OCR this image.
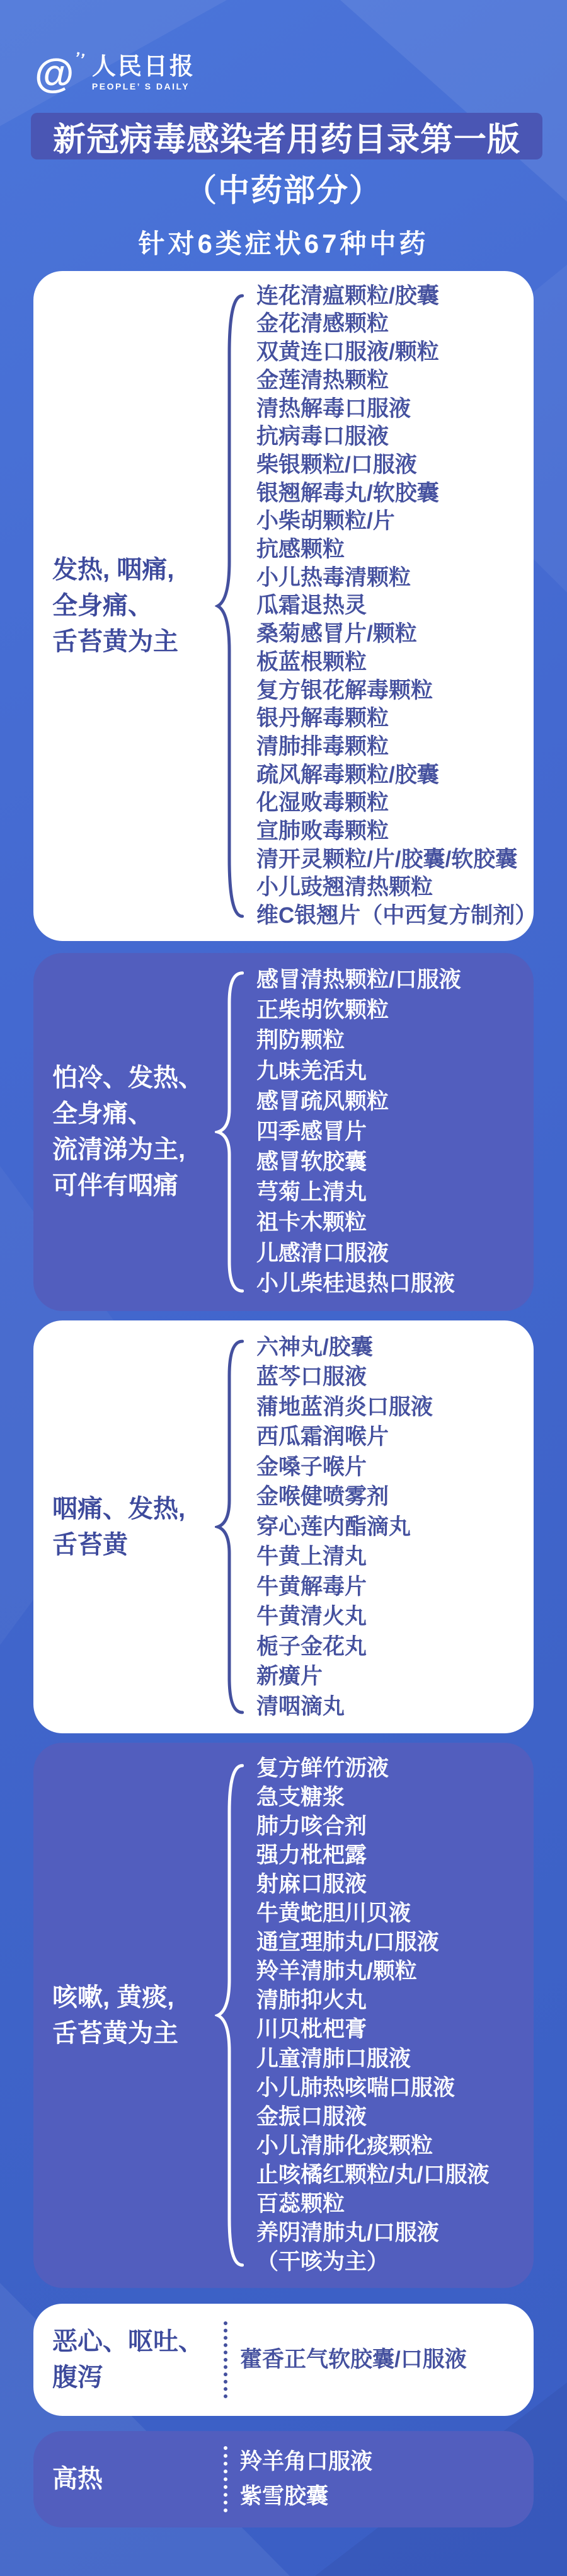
@
’’ 人民日报
PEOPLE’ S DAILY
新冠病毒感染者用药目录第一版
（中药部分）
针对6类症状67种中药
发热, 咽痛,
全身痛、
舌苔黄为主
连花清瘟颗粒/胶囊
金花清感颗粒
双黄连口服液/颗粒
金莲清热颗粒
清热解毒口服液
抗病毒口服液
柴银颗粒/口服液
银翘解毒丸/软胶囊
小柴胡颗粒/片
抗感颗粒
小儿热毒清颗粒
瓜霜退热灵
桑菊感冒片/颗粒
板蓝根颗粒
复方银花解毒颗粒
银丹解毒颗粒
清肺排毒颗粒
疏风解毒颗粒/胶囊
化湿败毒颗粒
宣肺败毒颗粒
清开灵颗粒/片/胶囊/软胶囊
小儿豉翘清热颗粒
维C银翘片（中西复方制剂）
怕冷、发热、
全身痛、
流清涕为主,
可伴有咽痛
感冒清热颗粒/口服液
正柴胡饮颗粒
荆防颗粒
九味羌活丸
感冒疏风颗粒
四季感冒片
感冒软胶囊
芎菊上清丸
祖卡木颗粒
儿感清口服液
小儿柴桂退热口服液
咽痛、发热,
舌苔黄
六神丸/胶囊
蓝芩口服液
蒲地蓝消炎口服液
西瓜霜润喉片
金嗓子喉片
金喉健喷雾剂
穿心莲内酯滴丸
牛黄上清丸
牛黄解毒片
牛黄清火丸
栀子金花丸
新癀片
清咽滴丸
咳嗽, 黄痰,
舌苔黄为主
复方鲜竹沥液
急支糖浆
肺力咳合剂
强力枇杷露
射麻口服液
牛黄蛇胆川贝液
通宣理肺丸/口服液
羚羊清肺丸/颗粒
清肺抑火丸
川贝枇杷膏
儿童清肺口服液
小儿肺热咳喘口服液
金振口服液
小儿清肺化痰颗粒
止咳橘红颗粒/丸/口服液
百蕊颗粒
养阴清肺丸/口服液
（干咳为主）
恶心、呕吐、
腹泻
藿香正气软胶囊/口服液
高热
羚羊角口服液
紫雪胶囊
